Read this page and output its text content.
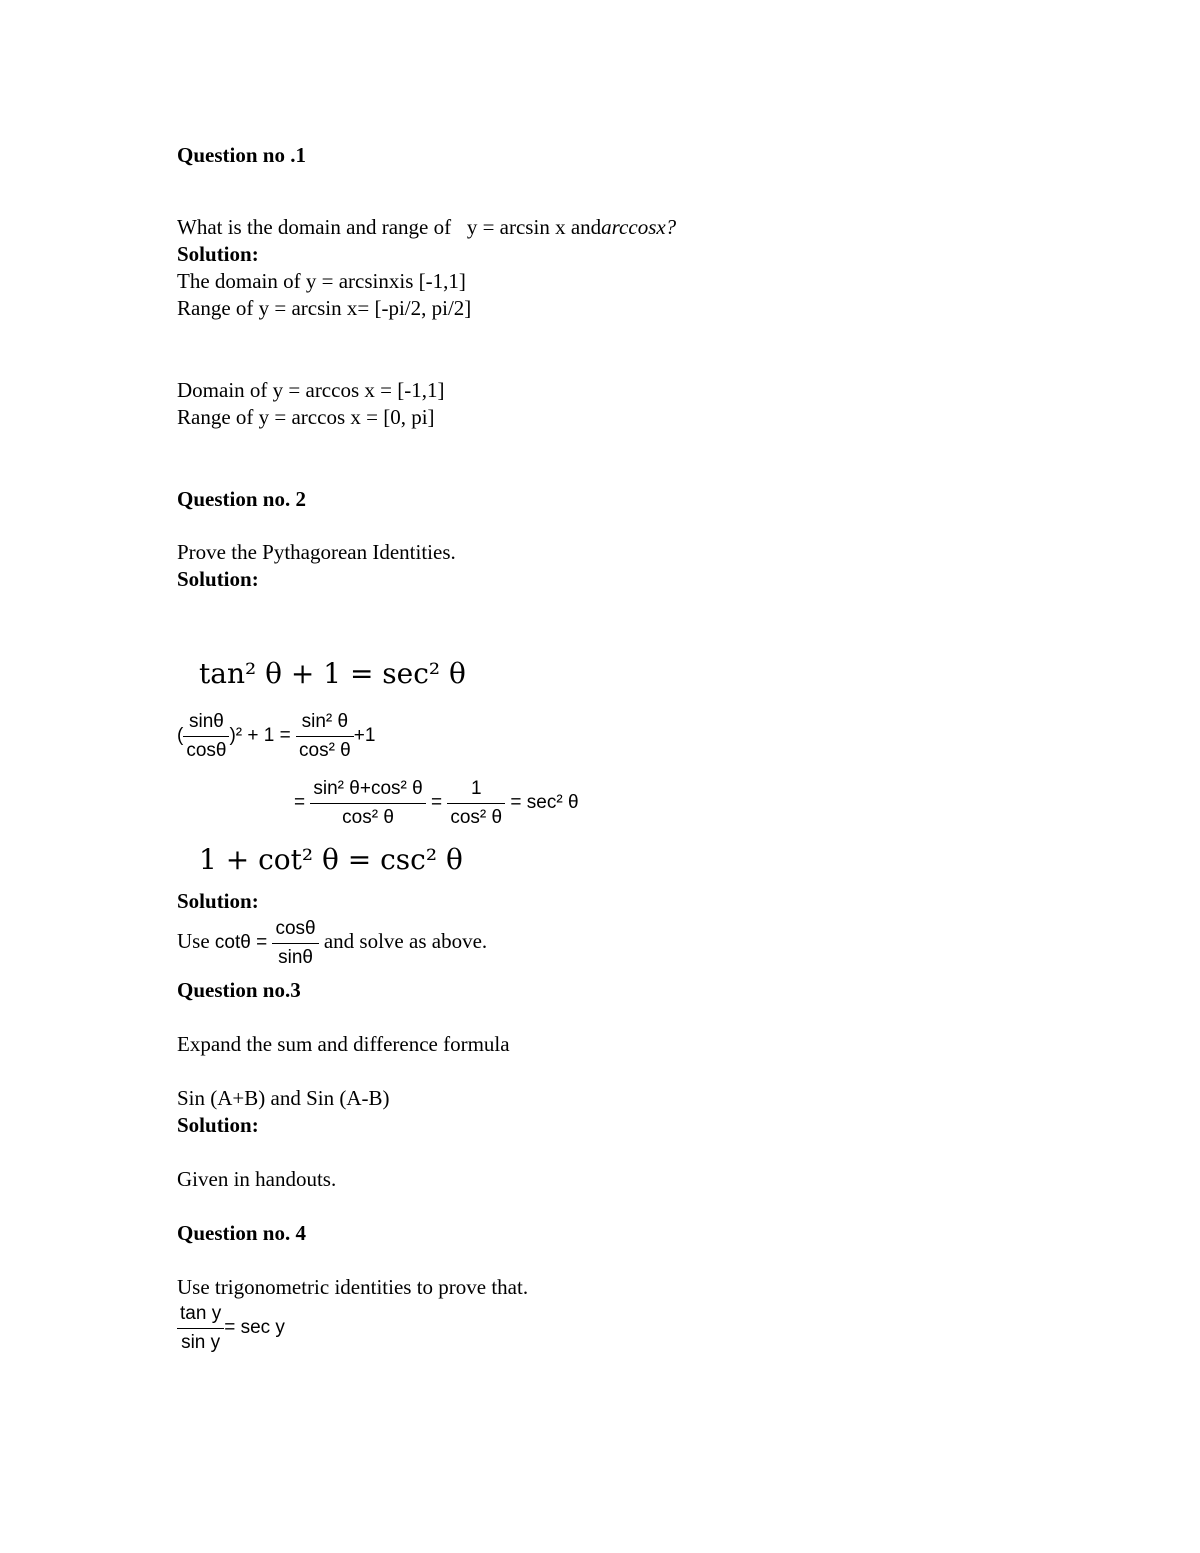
Question no .1
What is the domain and range of y = arcsin x andarccosx?
Solution:
The domain of y = arcsinxis [-1,1]
Range of y = arcsin x= [-pi/2, pi/2]
Domain of y = arccos x = [-1,1]
Range of y = arccos x = [0, pi]
Question no. 2
Prove the Pythagorean Identities.
Solution:
tan² θ + 1 = sec² θ
( $\frac{\sin\theta}{\cos\theta} )^2 + 1 = \frac{\text{sin² θ}}{\text{cos² θ}} +1$
= $\frac{\text{sin² θ+cos² θ}}{\text{cos² θ}} = \frac{1}{\text{cos² θ}} = \sec^2$ θ
1 + cot² θ = csc² θ
Solution:
Use $\cot\theta = \frac{\cos\theta}{\sin\theta}$ and solve as above.
Question no.3
Expand the sum and difference formula
Sin (A+B) and Sin (A-B)
Solution:
Given in handouts.
Question no. 4
Use trigonometric identities to prove that.
$\frac{\text{tan y}}{\text{sin y}} = \sec y$
